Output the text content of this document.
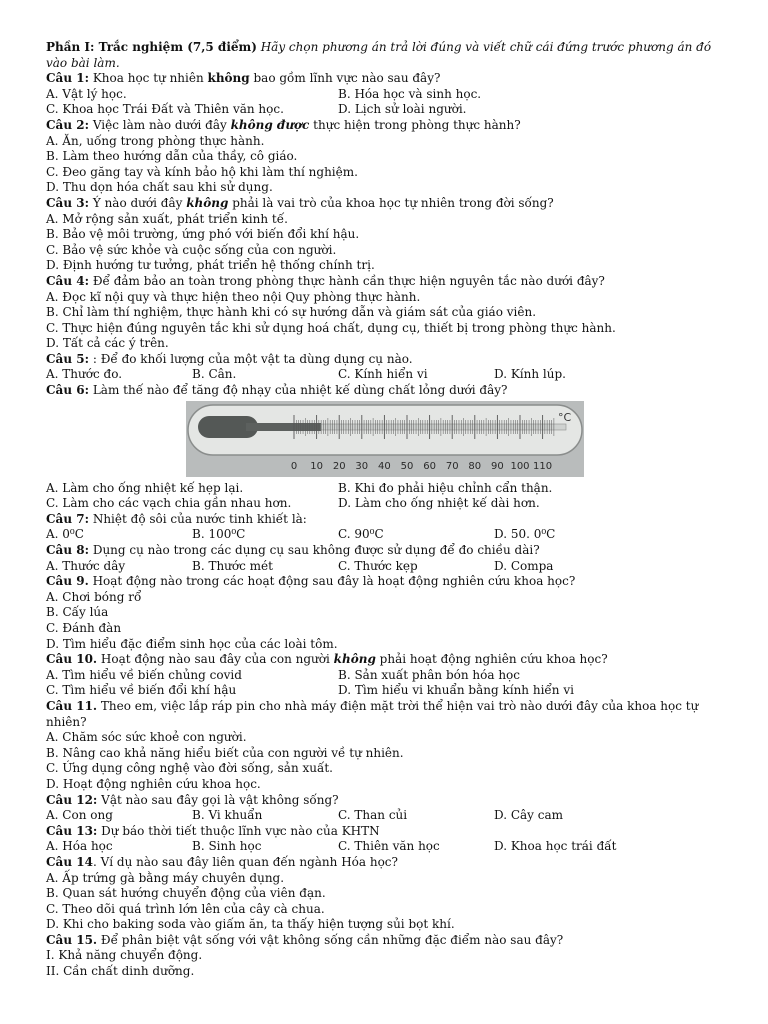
Phần I: Trắc nghiệm (7,5 điểm) Hãy chọn phương án trả lời đúng và viết chữ cái đứng trước phương án đó vào bài làm.
Câu 1: Khoa học tự nhiên không bao gồm lĩnh vực nào sau đây?
A. Vật lý học.	B. Hóa học và sinh học.
C. Khoa học Trái Đất và Thiên văn học.	D. Lịch sử loài người.
Câu 2: Việc làm nào dưới đây không được thực hiện trong phòng thực hành?
A. Ăn, uống trong phòng thực hành.
B. Làm theo hướng dẫn của thầy, cô giáo.
C. Đeo găng tay và kính bảo hộ khi làm thí nghiệm.
D. Thu dọn hóa chất sau khi sử dụng.
Câu 3: Ý nào dưới đây không phải là vai trò của khoa học tự nhiên trong đời sống?
A. Mở rộng sản xuất, phát triển kinh tế.
B. Bảo vệ môi trường, ứng phó với biến đổi khí hậu.
C. Bảo vệ sức khỏe và cuộc sống của con người.
D. Định hướng tư tưởng, phát triển hệ thống chính trị.
Câu 4: Để đảm bảo an toàn trong phòng thực hành cần thực hiện nguyên tắc nào dưới đây?
A. Đọc kĩ nội quy và thực hiện theo nội Quy phòng thực hành.
B. Chỉ làm thí nghiệm, thực hành khi có sự hướng dẫn và giám sát của giáo viên.
C. Thực hiện đúng nguyên tắc khi sử dụng hoá chất, dụng cụ, thiết bị trong phòng thực hành.
D. Tất cả các ý trên.
Câu 5: : Để đo khối lượng của một vật ta dùng dụng cụ nào.
A. Thước đo.	B. Cân.	C. Kính hiển vi	D. Kính lúp.
Câu 6: Làm thế nào để tăng độ nhạy của nhiệt kế dùng chất lỏng dưới đây?
°C
0 10 20 30 40 50 60 70 80 90 100 110
A. Làm cho ống nhiệt kế hẹp lại.	B. Khi đo phải hiệu chỉnh cẩn thận.
C. Làm cho các vạch chia gần nhau hơn.	D. Làm cho ống nhiệt kế dài hơn.
Câu 7: Nhiệt độ sôi của nước tinh khiết là:
A. 0⁰C	B. 100⁰C	C. 90⁰C	D. 50. 0⁰C
Câu 8: Dụng cụ nào trong các dụng cụ sau không được sử dụng để đo chiều dài?
A. Thước dây	B. Thước mét	C. Thước kẹp	D. Compa
Câu 9. Hoạt động nào trong các hoạt động sau đây là hoạt động nghiên cứu khoa học?
A. Chơi bóng rổ
B. Cấy lúa
C. Đánh đàn
D. Tìm hiểu đặc điểm sinh học của các loài tôm.
Câu 10. Hoạt động nào sau đây của con người không phải hoạt động nghiên cứu khoa học?
A. Tìm hiểu về biến chủng covid	B. Sản xuất phân bón hóa học
C. Tìm hiểu về biến đổi khí hậu	D. Tìm hiểu vi khuẩn bằng kính hiển vi
Câu 11. Theo em, việc lắp ráp pin cho nhà máy điện mặt trời thể hiện vai trò nào dưới đây của khoa học tự nhiên?
A. Chăm sóc sức khoẻ con người.
B. Nâng cao khả năng hiểu biết của con người về tự nhiên.
C. Ứng dụng công nghệ vào đời sống, sản xuất.
D. Hoạt động nghiên cứu khoa học.
Câu 12: Vật nào sau đây gọi là vật không sống?
A. Con ong	B. Vi khuẩn	C. Than củi	D. Cây cam
Câu 13: Dự báo thời tiết thuộc lĩnh vực nào của KHTN
A. Hóa học	B. Sinh học	C. Thiên văn học	D. Khoa học trái đất
Câu 14. Ví dụ nào sau đây liên quan đến ngành Hóa học?
A. Ấp trứng gà bằng máy chuyên dụng.
B. Quan sát hướng chuyển động của viên đạn.
C. Theo dõi quá trình lớn lên của cây cà chua.
D. Khi cho baking soda vào giấm ăn, ta thấy hiện tượng sủi bọt khí.
Câu 15. Để phân biệt vật sống với vật không sống cần những đặc điểm nào sau đây?
I. Khả năng chuyển động.
II. Cần chất dinh dưỡng.
